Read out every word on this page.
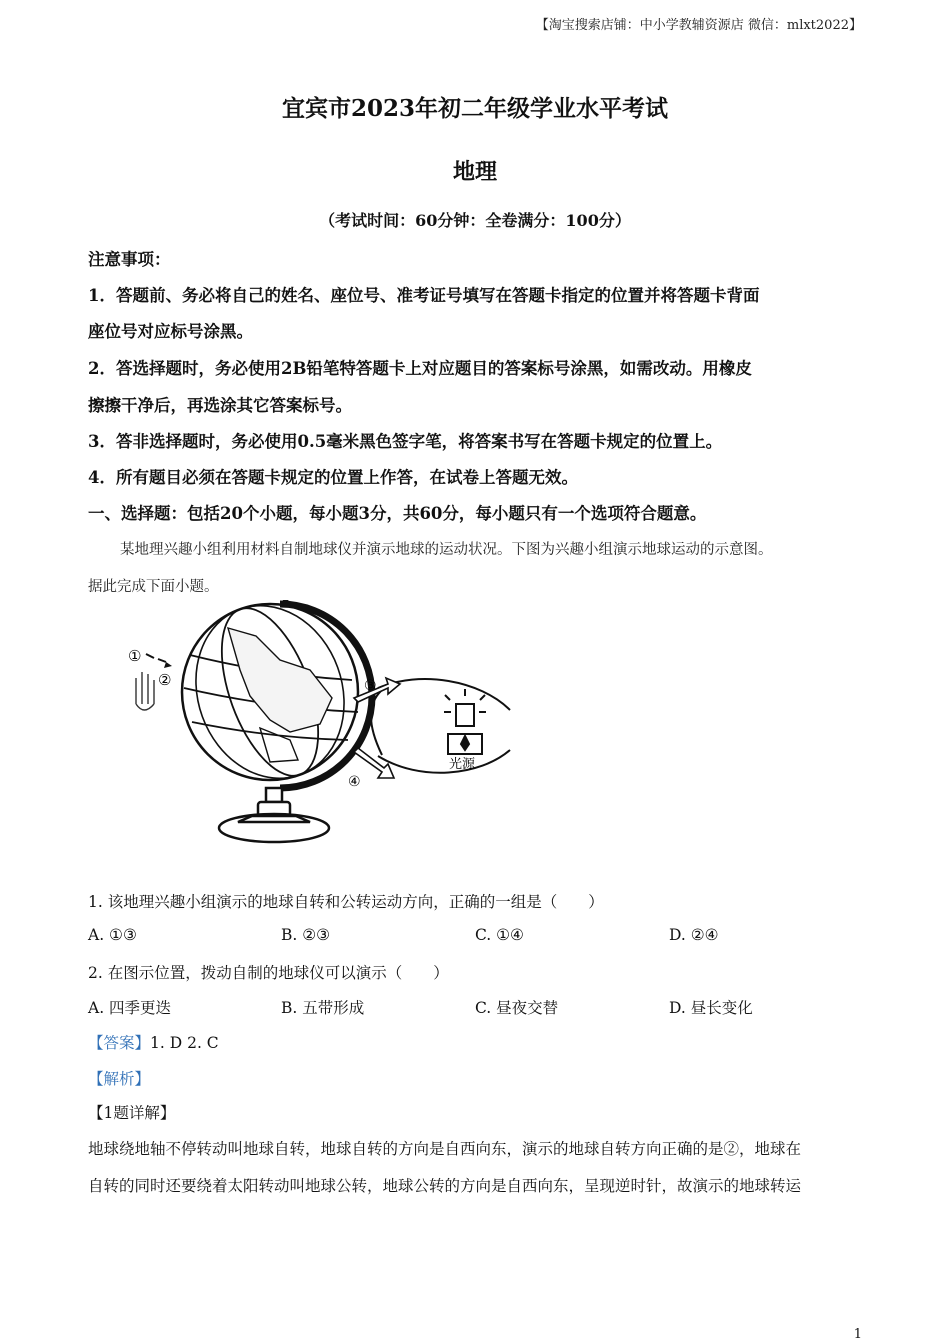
【淘宝搜索店铺：中小学教辅资源店 微信：mlxt2022】
宜宾市2023年初二年级学业水平考试
地理
（考试时间：60分钟：全卷满分：100分）
注意事项：
1．答题前、务必将自己的姓名、座位号、准考证号填写在答题卡指定的位置并将答题卡背面
座位号对应标号涂黑。
2．答选择题时，务必使用2B铅笔特答题卡上对应题目的答案标号涂黑，如需改动。用橡皮
擦擦干净后，再选涂其它答案标号。
3．答非选择题时，务必使用0.5毫米黑色签字笔，将答案书写在答题卡规定的位置上。
4．所有题目必须在答题卡规定的位置上作答，在试卷上答题无效。
一、选择题：包括20个小题，每小题3分，共60分，每小题只有一个选项符合题意。
某地理兴趣小组利用材料自制地球仪并演示地球的运动状况。下图为兴趣小组演示地球运动的示意图。
据此完成下面小题。
①
②	③
④
光源
1. 该地理兴趣小组演示的地球自转和公转运动方向，正确的一组是（　　）
A. ①③	B. ②③	C. ①④	D. ②④
2. 在图示位置，拨动自制的地球仪可以演示（　　）
A. 四季更迭	B. 五带形成	C. 昼夜交替	D. 昼长变化
【答案】1. D 2. C
【解析】
【1题详解】
地球绕地轴不停转动叫地球自转，地球自转的方向是自西向东，演示的地球自转方向正确的是②，地球在
自转的同时还要绕着太阳转动叫地球公转，地球公转的方向是自西向东，呈现逆时针，故演示的地球转运
1
